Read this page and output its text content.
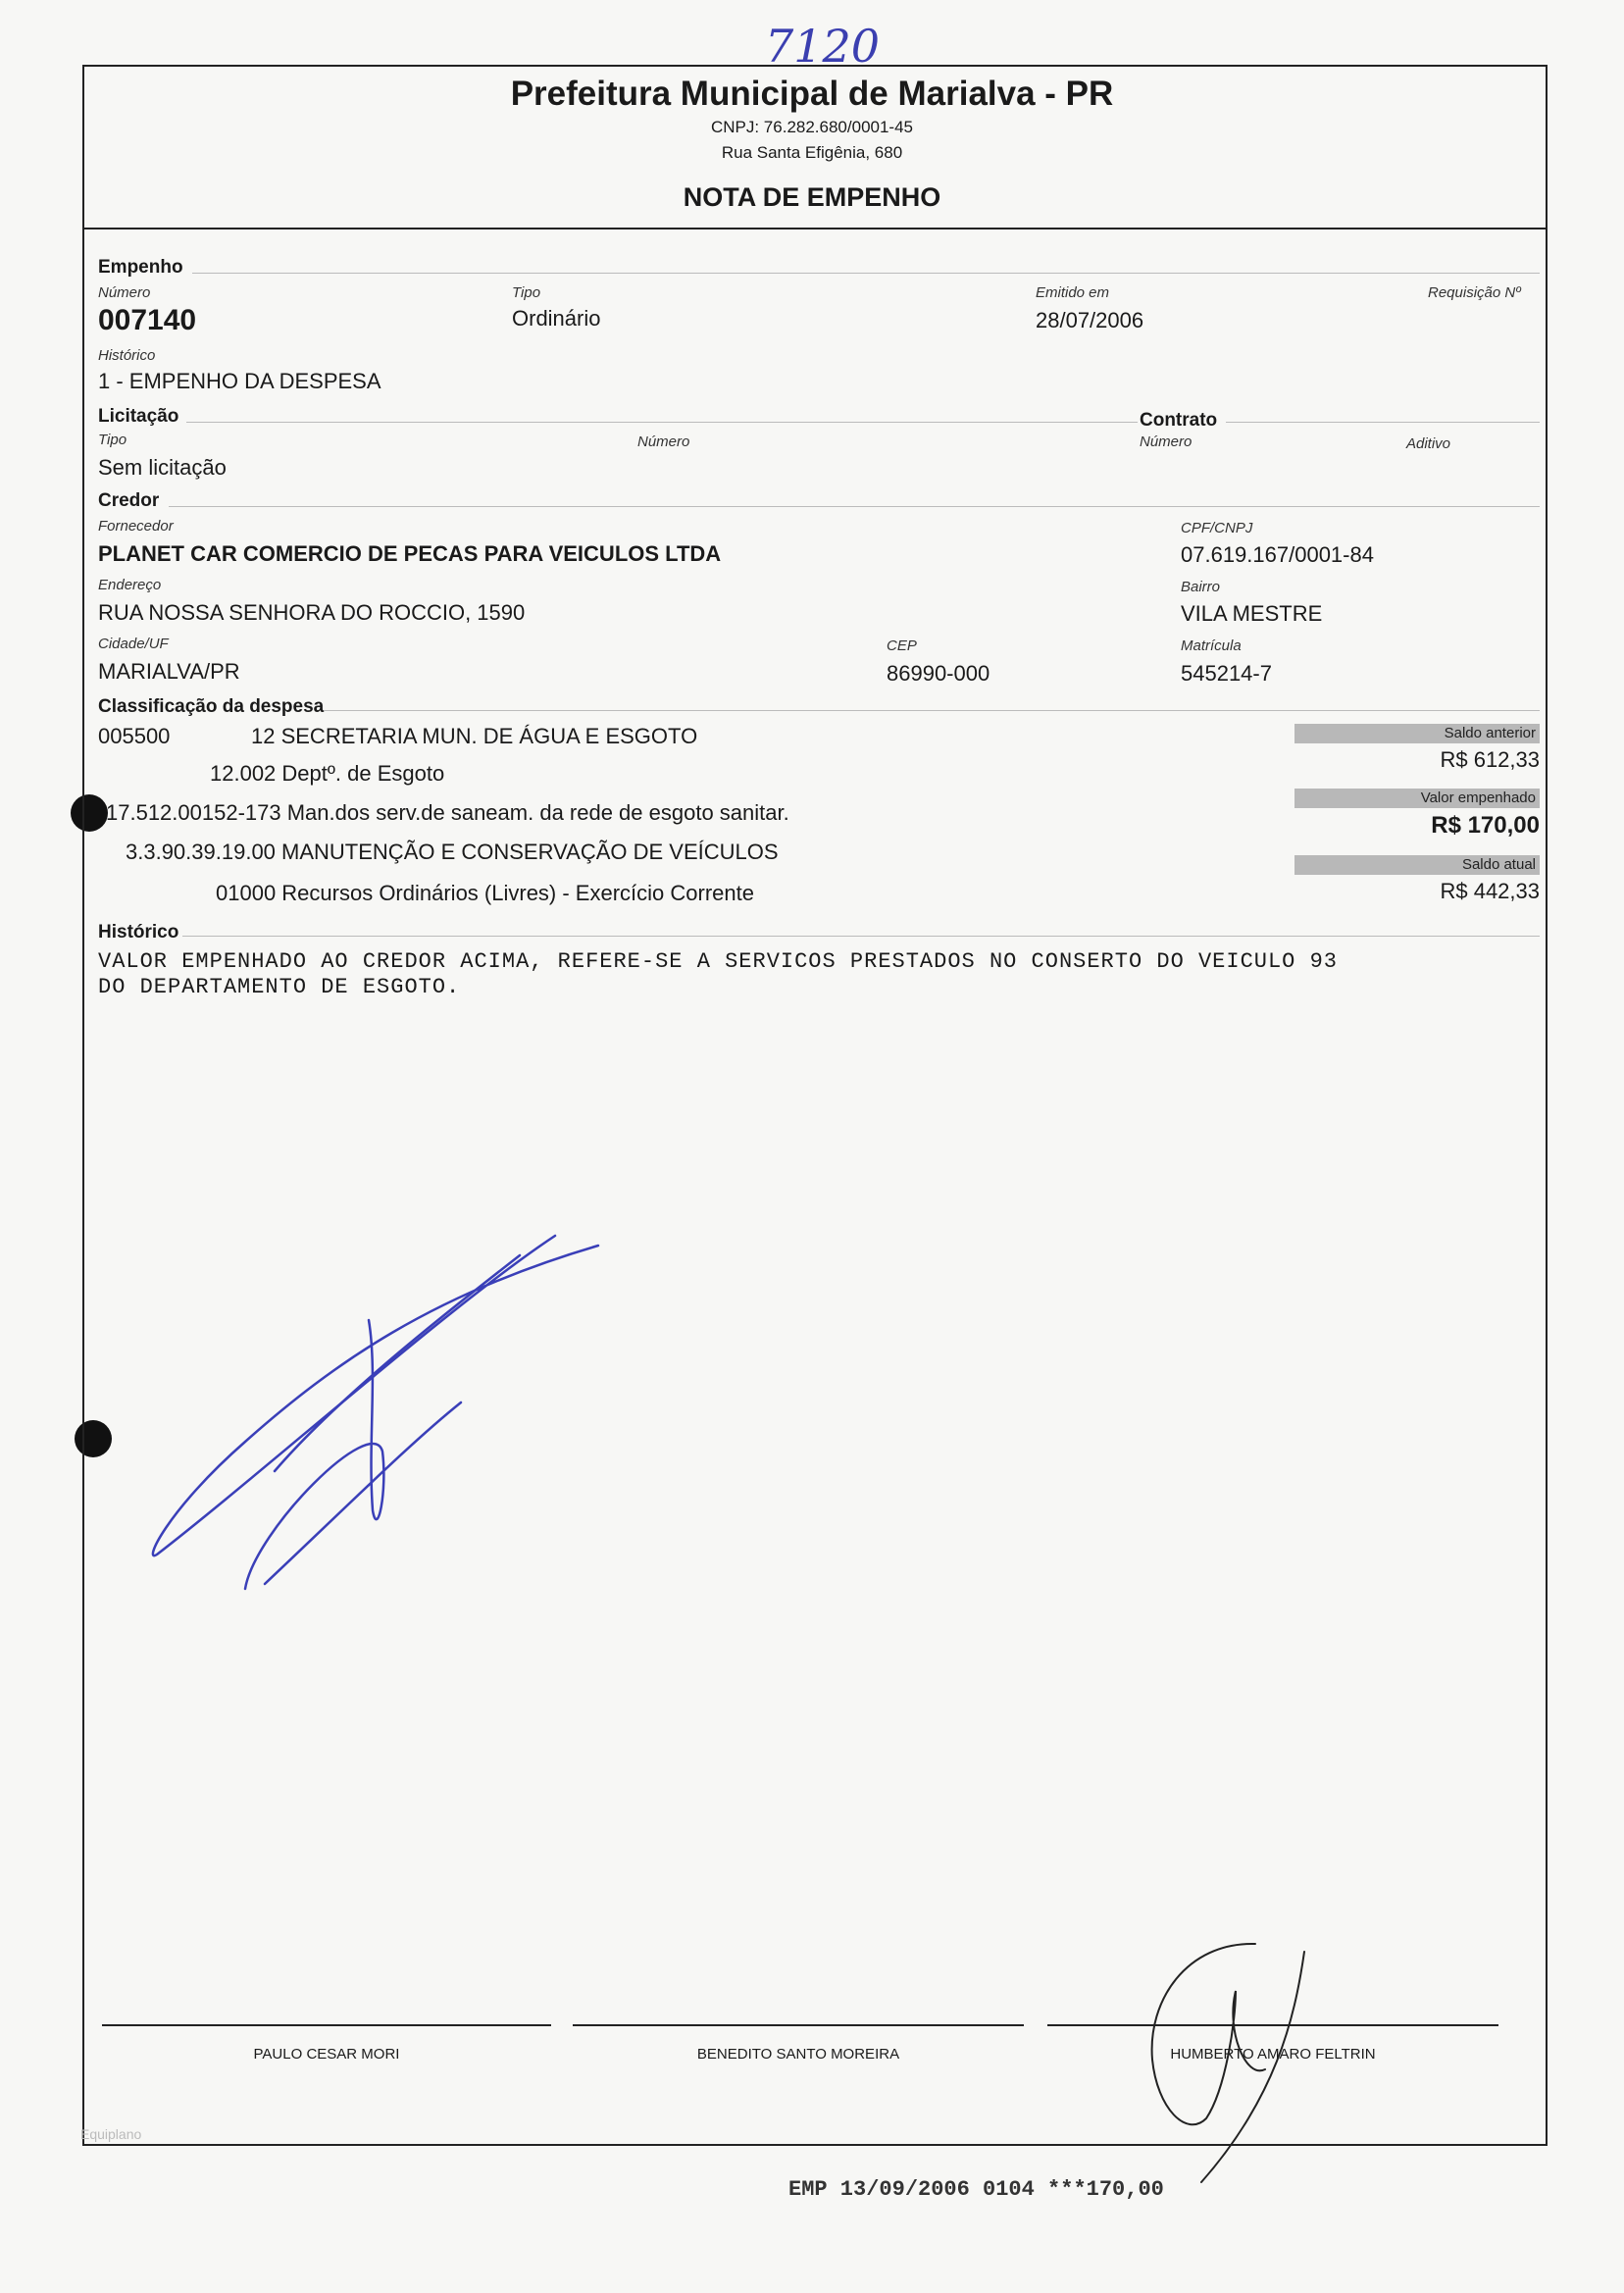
7120
Prefeitura Municipal de Marialva - PR
CNPJ: 76.282.680/0001-45
Rua Santa Efigênia, 680
NOTA DE EMPENHO
Empenho
Número
007140
Tipo
Ordinário
Emitido em
28/07/2006
Requisição Nº
Histórico
1 - EMPENHO DA DESPESA
Licitação
Tipo
Sem licitação
Número
Contrato
Número	Aditivo
Credor
Fornecedor
PLANET CAR COMERCIO DE PECAS PARA VEICULOS LTDA
CPF/CNPJ
07.619.167/0001-84
Endereço
RUA NOSSA SENHORA DO ROCCIO, 1590
Bairro
VILA MESTRE
Cidade/UF
MARIALVA/PR
CEP
86990-000
Matrícula
545214-7
Classificação da despesa
005500	12 SECRETARIA MUN. DE ÁGUA E ESGOTO
12.002 Deptº. de Esgoto
17.512.00152-173 Man.dos serv.de saneam. da rede de esgoto sanitar.
3.3.90.39.19.00 MANUTENÇÃO E CONSERVAÇÃO DE VEÍCULOS
01000 Recursos Ordinários (Livres) - Exercício Corrente
Saldo anterior
R$ 612,33
Valor empenhado
R$ 170,00
Saldo atual
R$ 442,33
Histórico
VALOR EMPENHADO AO CREDOR ACIMA, REFERE-SE A SERVICOS PRESTADOS NO CONSERTO DO VEICULO 93
DO DEPARTAMENTO DE ESGOTO.
PAULO CESAR MORI	BENEDITO SANTO MOREIRA	HUMBERTO AMARO FELTRIN
Equiplano
EMP 13/09/2006 0104 ***170,00
